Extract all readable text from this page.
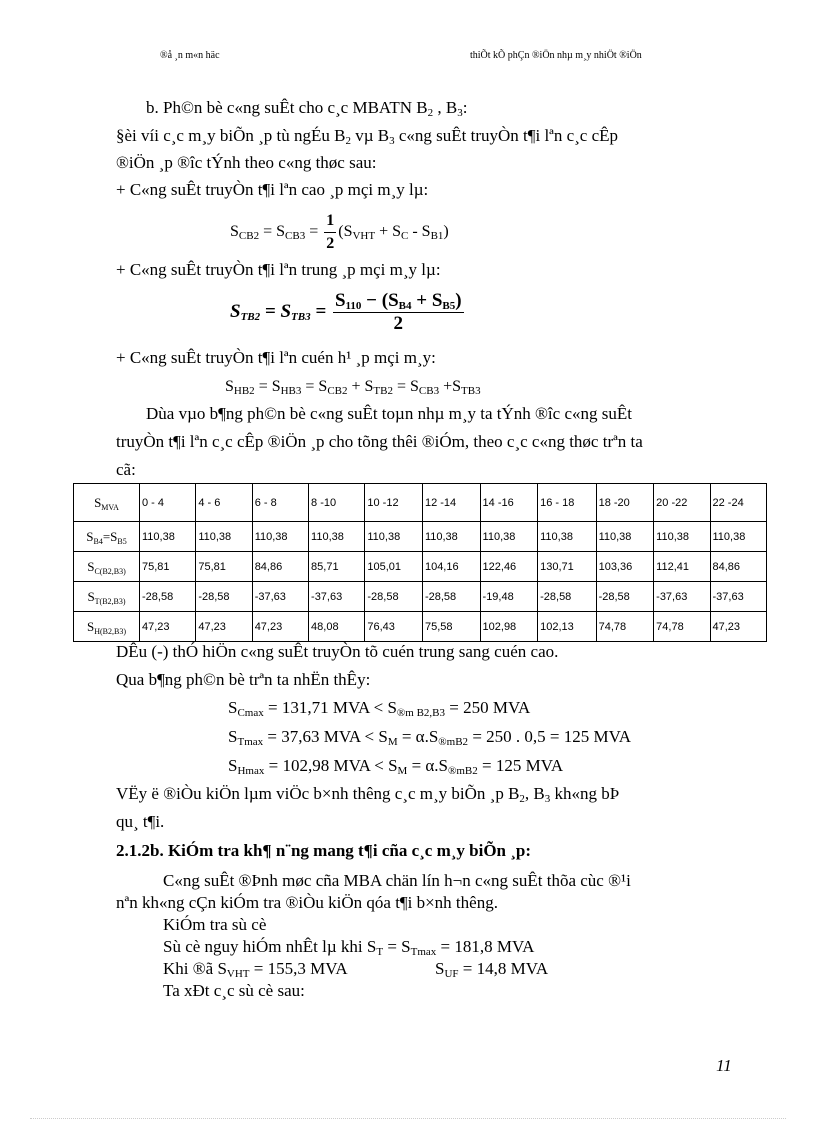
®å ¸n m«n häc	thiÕt kÕ phÇn ®iÖn nhµ m¸y nhiÖt ®iÖn
b. Ph©n bè c«ng suÊt cho c¸c MBATN $B_2$ , $B_3$:
§èi víi c¸c m¸y biÕn ¸p tù ngÉu $B_2$ vµ $B_3$ c«ng suÊt truyÒn t¶i lªn c¸c cÊp
®iÖn ¸p ®îc tÝnh theo c«ng thøc sau:
+ C«ng suÊt truyÒn t¶i lªn cao ¸p mçi m¸y lµ:
$S_{CB2} = S_{CB3} = \frac{1}{2} (S_{VHT} + S_C - S_{B1})$
+ C«ng suÊt truyÒn t¶i lªn trung ¸p mçi m¸y lµ:
$S_{TB2} = S_{TB3} = \frac{S_{110} - (S_{B4} + S_{B5})}{2}$
+ C«ng suÊt truyÒn t¶i lªn cuén h¹ ¸p mçi m¸y:
$S_{HB2} = S_{HB3} = S_{CB2} + S_{TB2} = S_{CB3} +S_{TB3}$
Dùa vµo b¶ng ph©n bè c«ng suÊt toµn nhµ m¸y ta tÝnh ®îc c«ng suÊt
truyÒn t¶i lªn c¸c cÊp ®iÖn ¸p cho tõng thêi ®iÓm, theo c¸c c«ng thøc trªn ta
cã:
$S_{MVA}$	0 - 4	4 - 6	6 - 8	8 -10	10 -12	12 -14	14 -16	16 - 18	18 -20	20 -22	22 -24
$S_{B4}=S_{B5}$	110,38	110,38	110,38	110,38	110,38	110,38	110,38	110,38	110,38	110,38	110,38
$S_{C(B2,B3)}$	75,81	75,81	84,86	85,71	105,01	104,16	122,46	130,71	103,36	112,41	84,86
$S_{T(B2,B3)}$	-28,58	-28,58	-37,63	-37,63	-28,58	-28,58	-19,48	-28,58	-28,58	-37,63	-37,63
$S_{H(B2,B3)}$	47,23	47,23	47,23	48,08	76,43	75,58	102,98	102,13	74,78	74,78	47,23
DÊu (-) thÓ hiÖn c«ng suÊt truyÒn tõ cuén trung sang cuén cao.
Qua b¶ng ph©n bè trªn ta nhËn thÊy:
$S_{Cmax} = 131,71$ MVA < $S_{®m B2,B3} = 250$ MVA
$S_{Tmax} = 37,63$ MVA < $S_M = \alpha.S_{®mB2} = 250$ . 0,5 = 125 MVA
$S_{Hmax} = 102,98$ MVA < $S_M = \alpha.S_{®mB2} = 125$ MVA
VËy ë ®iÒu kiÖn lµm viÖc b×nh thêng c¸c m¸y biÕn ¸p $B_2$, $B_3$ kh«ng bÞ
qu¸ t¶i.
2.1.2b. KiÓm tra kh¶ n¨ng mang t¶i cña c¸c m¸y biÕn ¸p:
C«ng suÊt ®Þnh møc cña MBA chän lín h¬n c«ng suÊt thõa cùc ®¹i
nªn kh«ng cÇn kiÓm tra ®iÒu kiÖn qóa t¶i b×nh thêng.
KiÓm tra sù cè
Sù cè nguy hiÓm nhÊt lµ khi $S_T = S_{Tmax} = 181,8$ MVA
Khi ®ã $S_{VHT} = 155,3$ MVA	$S_{UF} = 14,8$ MVA
Ta xÐt c¸c sù cè sau:
11
